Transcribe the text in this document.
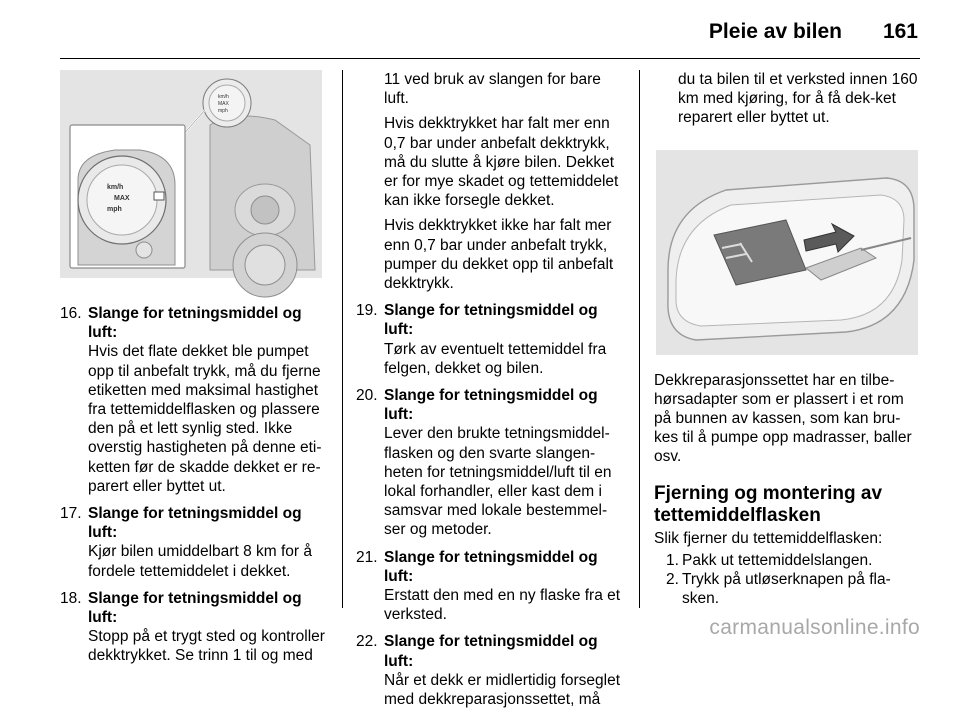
Pleie av bilen 161
km/h
MAX
mph
km/h
MAX
mph
16. Slange for tetningsmiddel og luft:

Hvis det flate dekket ble pumpet opp til anbefalt trykk, må du fjerne etiketten med maksimal hastighet fra tettemiddelflasken og plassere den på et lett synlig sted. Ikke overstig hastigheten på denne eti-ketten før de skadde dekket er re-parert eller byttet ut.

17. Slange for tetningsmiddel og luft:

Kjør bilen umiddelbart 8 km for å fordele tettemiddelet i dekket.

18. Slange for tetningsmiddel og luft:

Stopp på et trygt sted og kontroller dekktrykket. Se trinn 1 til og med

11 ved bruk av slangen for bare luft.

Hvis dekktrykket har falt mer enn 0,7 bar under anbefalt dekktrykk, må du slutte å kjøre bilen. Dekket er for mye skadet og tettemiddelet kan ikke forsegle dekket.

Hvis dekktrykket ikke har falt mer enn 0,7 bar under anbefalt trykk, pumper du dekket opp til anbefalt dekktrykk.

19. Slange for tetningsmiddel og luft:

Tørk av eventuelt tettemiddel fra felgen, dekket og bilen.

20. Slange for tetningsmiddel og luft:

Lever den brukte tetningsmiddel-flasken og den svarte slangen-heten for tetningsmiddel/luft til en lokal forhandler, eller kast dem i samsvar med lokale bestemmel-ser og metoder.

21. Slange for tetningsmiddel og luft:

Erstatt den med en ny flaske fra et verksted.

22. Slange for tetningsmiddel og luft:

Når et dekk er midlertidig forseglet med dekkreparasjonssettet, må

du ta bilen til et verksted innen 160 km med kjøring, for å få dek-ket reparert eller byttet ut.

Dekkreparasjonssettet har en tilbe-hørsadapter som er plassert i et rom på bunnen av kassen, som kan bru-kes til å pumpe opp madrasser, baller osv.

Fjerning og montering av tettemiddelflasken

Slik fjerner du tettemiddelflasken:

1. Pakk ut tettemiddelslangen.
2. Trykk på utløserknapen på fla-sken.
carmanualsonline.info
